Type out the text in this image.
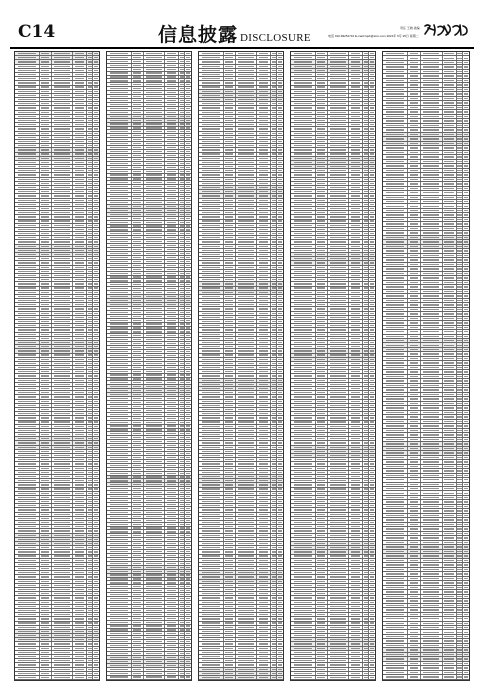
C14	信息披露 DISCLOSURE
责任 王晓 美编
电话 010-83251716 E-mail:zqsb@stcn.com 2021年 5月 25日 星期二
